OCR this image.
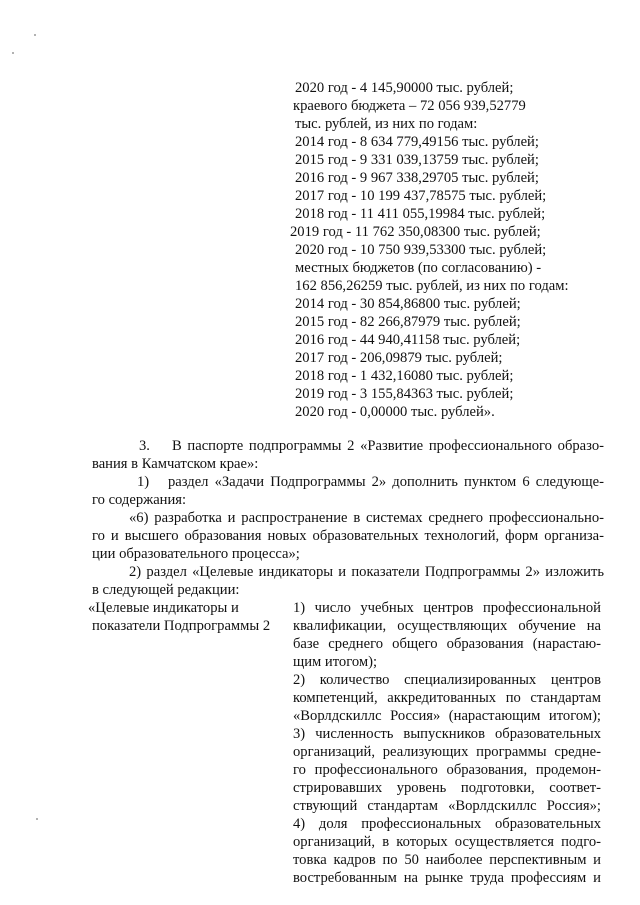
2020 год - 4 145,90000 тыс. рублей;
краевого бюджета – 72 056 939,52779
тыс. рублей, из них по годам:
2014 год - 8 634 779,49156 тыс. рублей;
2015 год - 9 331 039,13759 тыс. рублей;
2016 год - 9 967 338,29705 тыс. рублей;
2017 год - 10 199 437,78575 тыс. рублей;
2018 год - 11 411 055,19984 тыс. рублей;
2019 год - 11 762 350,08300 тыс. рублей;
2020 год - 10 750 939,53300 тыс. рублей;
местных бюджетов (по согласованию) -
162 856,26259 тыс. рублей, из них по годам:
2014 год - 30 854,86800 тыс. рублей;
2015 год - 82 266,87979 тыс. рублей;
2016 год - 44 940,41158 тыс. рублей;
2017 год - 206,09879 тыс. рублей;
2018 год - 1 432,16080 тыс. рублей;
2019 год - 3 155,84363 тыс. рублей;
2020 год - 0,00000 тыс. рублей».
3. В паспорте подпрограммы 2 «Развитие профессионального образо-
вания в Камчатском крае»:
1) раздел «Задачи Подпрограммы 2» дополнить пунктом 6 следующе-
го содержания:
«6) разработка и распространение в системах среднего профессионально-
го и высшего образования новых образовательных технологий, форм организа-
ции образовательного процесса»;
2) раздел «Целевые индикаторы и показатели Подпрограммы 2» изложить
в следующей редакции:
«Целевые индикаторы и
показатели Подпрограммы 2
1) число учебных центров профессиональной
квалификации, осуществляющих обучение на
базе среднего общего образования (нарастаю-
щим итогом);
2) количество специализированных центров
компетенций, аккредитованных по стандартам
«Ворлдскиллс Россия» (нарастающим итогом);
3) численность выпускников образовательных
организаций, реализующих программы средне-
го профессионального образования, продемон-
стрировавших уровень подготовки, соответ-
ствующий стандартам «Ворлдскиллс Россия»;
4) доля профессиональных образовательных
организаций, в которых осуществляется подго-
товка кадров по 50 наиболее перспективным и
востребованным на рынке труда профессиям и
